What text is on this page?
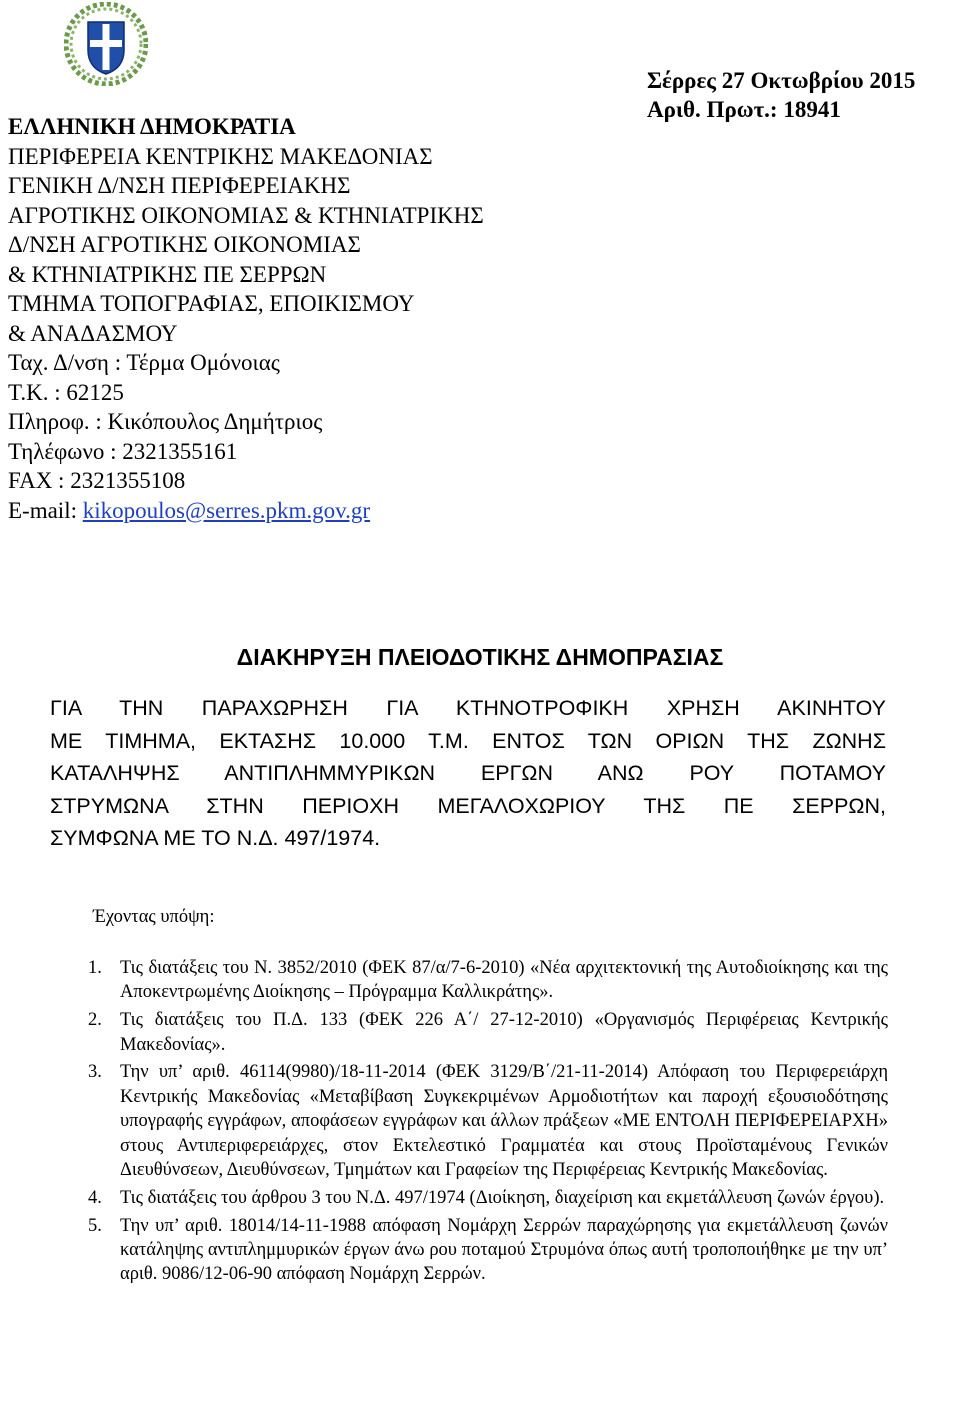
ΕΛΛΗΝΙΚΗ ΔΗΜΟΚΡΑΤΙΑ
ΠΕΡΙΦΕΡΕΙΑ ΚΕΝΤΡΙΚΗΣ ΜΑΚΕΔΟΝΙΑΣ
ΓΕΝΙΚΗ Δ/ΝΣΗ ΠΕΡΙΦΕΡΕΙΑΚΗΣ
ΑΓΡΟΤΙΚΗΣ ΟΙΚΟΝΟΜΙΑΣ & ΚΤΗΝΙΑΤΡΙΚΗΣ
Δ/ΝΣΗ ΑΓΡΟΤΙΚΗΣ ΟΙΚΟΝΟΜΙΑΣ
& ΚΤΗΝΙΑΤΡΙΚΗΣ ΠΕ ΣΕΡΡΩΝ
ΤΜΗΜΑ ΤΟΠΟΓΡΑΦΙΑΣ, ΕΠΟΙΚΙΣΜΟΥ
& ΑΝΑΔΑΣΜΟΥ
Ταχ. Δ/νση : Τέρμα Ομόνοιας
Τ.Κ. : 62125
Πληροφ. : Κικόπουλος Δημήτριος
Τηλέφωνο : 2321355161
FAX : 2321355108
E-mail: kikopoulos@serres.pkm.gov.gr
Σέρρες 27 Οκτωβρίου 2015
Αριθ. Πρωτ.: 18941
ΔΙΑΚΗΡΥΞΗ ΠΛΕΙΟΔΟΤΙΚΗΣ ΔΗΜΟΠΡΑΣΙΑΣ
ΓΙΑ ΤΗΝ ΠΑΡΑΧΩΡΗΣΗ ΓΙΑ ΚΤΗΝΟΤΡΟΦΙΚΗ ΧΡΗΣΗ ΑΚΙΝΗΤΟΥ
ΜΕ ΤΙΜΗΜΑ, ΕΚΤΑΣΗΣ 10.000 Τ.Μ. ΕΝΤΟΣ ΤΩΝ ΟΡΙΩΝ ΤΗΣ ΖΩΝΗΣ
ΚΑΤΑΛΗΨΗΣ ΑΝΤΙΠΛΗΜΜΥΡΙΚΩΝ ΕΡΓΩΝ ΑΝΩ ΡΟΥ ΠΟΤΑΜΟΥ
ΣΤΡΥΜΩΝΑ ΣΤΗΝ ΠΕΡΙΟΧΗ ΜΕΓΑΛΟΧΩΡΙΟΥ ΤΗΣ ΠΕ ΣΕΡΡΩΝ,
ΣΥΜΦΩΝΑ ΜΕ ΤΟ Ν.Δ. 497/1974.
Έχοντας υπόψη:
1. Τις διατάξεις του Ν. 3852/2010 (ΦΕΚ 87/α/7-6-2010) «Νέα αρχιτεκτονική της Αυτοδιοίκησης και της Αποκεντρωμένης Διοίκησης – Πρόγραμμα Καλλικράτης».
2. Τις διατάξεις του Π.Δ. 133 (ΦΕΚ 226 Α΄/ 27-12-2010) «Οργανισμός Περιφέρειας Κεντρικής Μακεδονίας».
3. Την υπ’ αριθ. 46114(9980)/18-11-2014 (ΦΕΚ 3129/Β΄/21-11-2014) Απόφαση του Περιφερειάρχη Κεντρικής Μακεδονίας «Μεταβίβαση Συγκεκριμένων Αρμοδιοτήτων και παροχή εξουσιοδότησης υπογραφής εγγράφων, αποφάσεων εγγράφων και άλλων πράξεων «ΜΕ ΕΝΤΟΛΗ ΠΕΡΙΦΕΡΕΙΑΡΧΗ» στους Αντιπεριφερειάρχες, στον Εκτελεστικό Γραμματέα και στους Προϊσταμένους Γενικών Διευθύνσεων, Διευθύνσεων, Τμημάτων και Γραφείων της Περιφέρειας Κεντρικής Μακεδονίας.
4. Τις διατάξεις του άρθρου 3 του Ν.Δ. 497/1974 (Διοίκηση, διαχείριση και εκμετάλλευση ζωνών έργου).
5. Την υπ’ αριθ. 18014/14-11-1988 απόφαση Νομάρχη Σερρών παραχώρησης για εκμετάλλευση ζωνών κατάληψης αντιπλημμυρικών έργων άνω ρου ποταμού Στρυμόνα όπως αυτή τροποποιήθηκε με την υπ’ αριθ. 9086/12-06-90 απόφαση Νομάρχη Σερρών.
